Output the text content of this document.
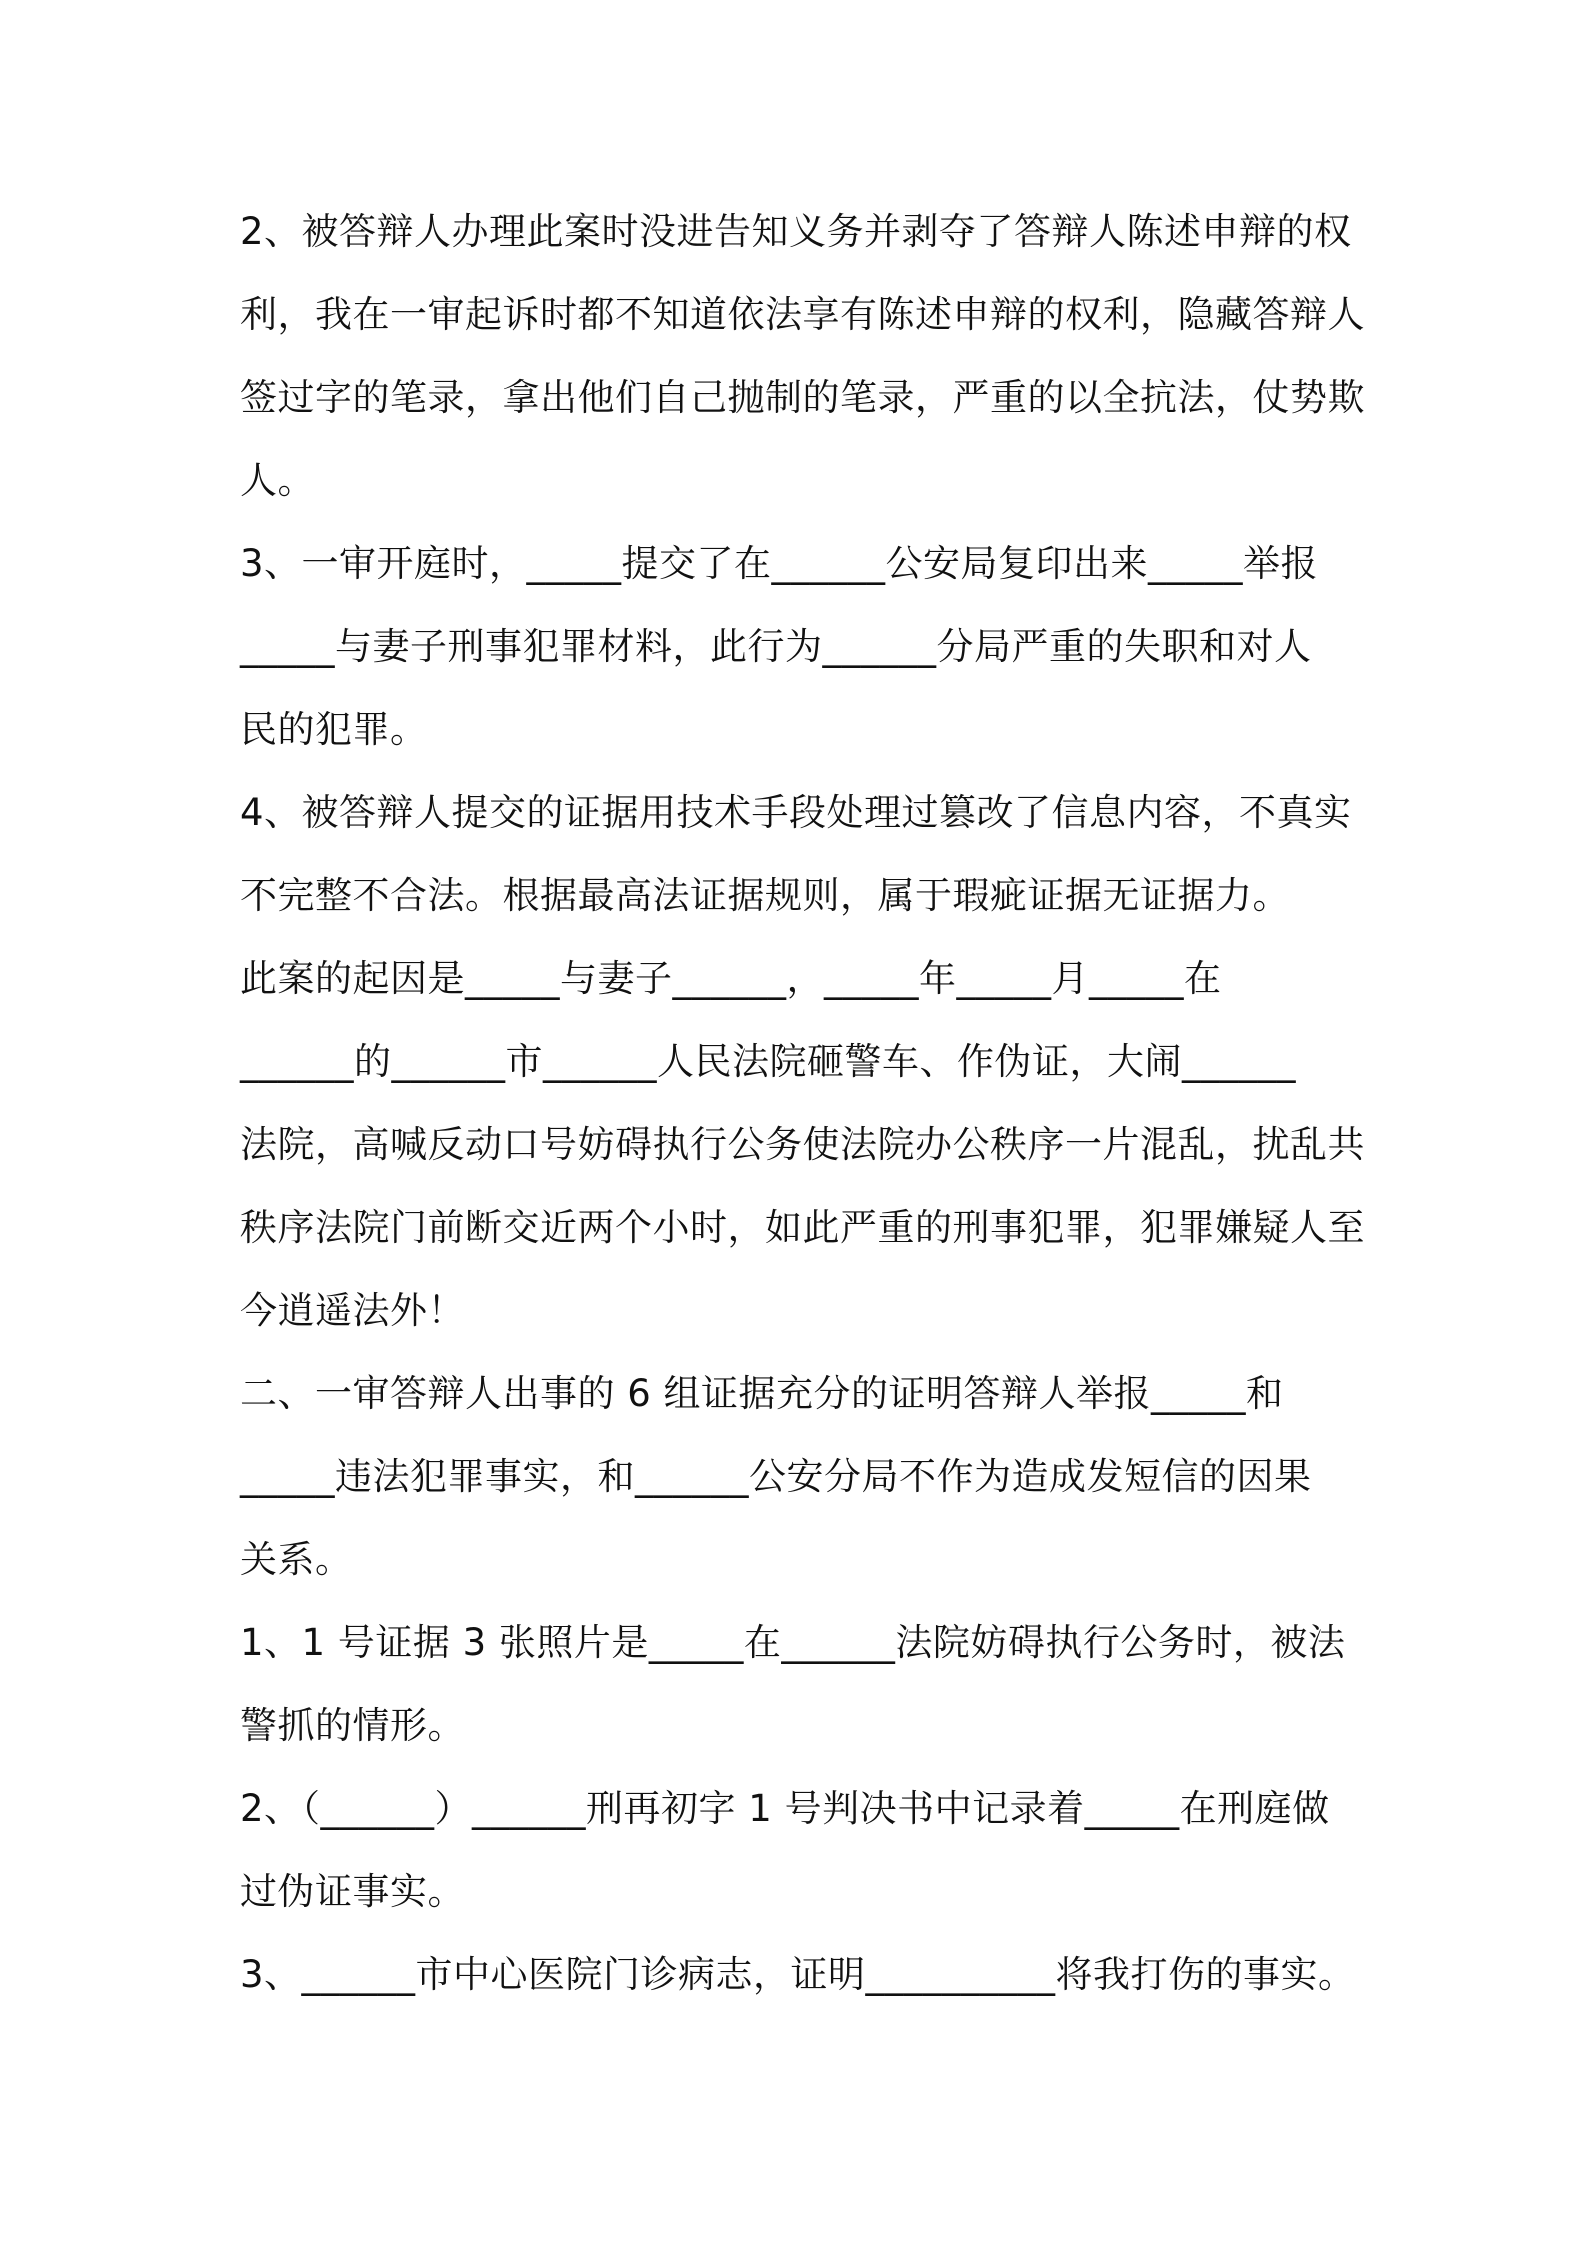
2、被答辩人办理此案时没进告知义务并剥夺了答辩人陈述申辩的权
利，我在一审起诉时都不知道依法享有陈述申辩的权利，隐藏答辩人
签过字的笔录，拿出他们自己抛制的笔录，严重的以全抗法，仗势欺
人。

3、一审开庭时，_____提交了在______公安局复印出来_____举报
_____与妻子刑事犯罪材料，此行为______分局严重的失职和对人
民的犯罪。

4、被答辩人提交的证据用技术手段处理过篡改了信息内容，不真实
不完整不合法。根据最高法证据规则，属于瑕疵证据无证据力。

此案的起因是_____与妻子______，_____年_____月_____在
______的______市______人民法院砸警车、作伪证，大闹______
法院，高喊反动口号妨碍执行公务使法院办公秩序一片混乱，扰乱共
秩序法院门前断交近两个小时，如此严重的刑事犯罪，犯罪嫌疑人至
今逍遥法外！

二、一审答辩人出事的 6 组证据充分的证明答辩人举报_____和
_____违法犯罪事实，和______公安分局不作为造成发短信的因果
关系。

1、1 号证据 3 张照片是_____在______法院妨碍执行公务时，被法
警抓的情形。

2、（______）______刑再初字 1 号判决书中记录着_____在刑庭做
过伪证事实。

3、______市中心医院门诊病志，证明__________将我打伤的事实。
